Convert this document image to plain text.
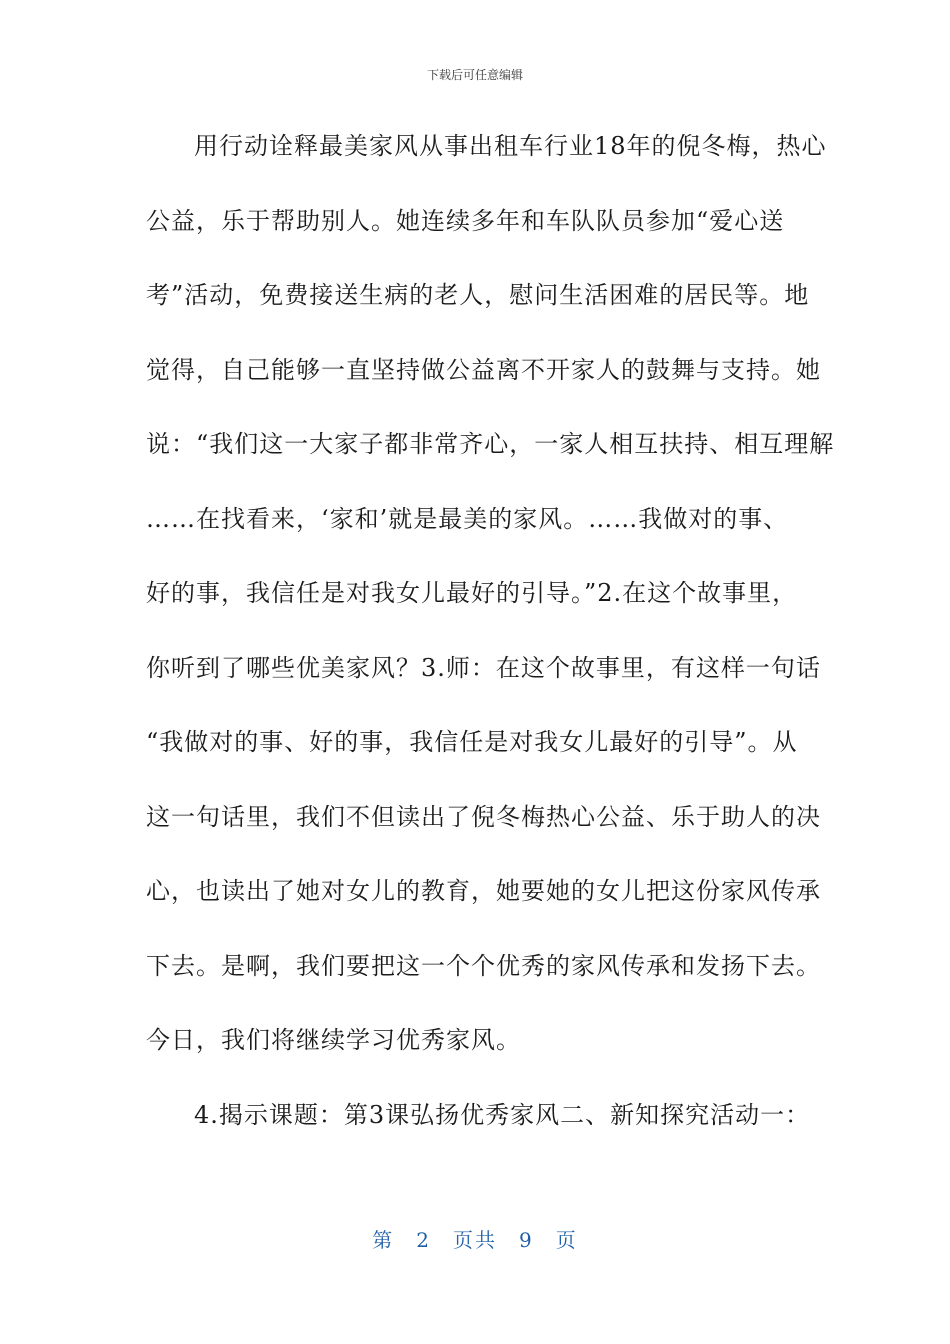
下载后可任意编辑
用行动诠释最美家风从事出租车行业18年的倪冬梅，热心
公益，乐于帮助别人。她连续多年和车队队员参加“爱心送
考”活动，免费接送生病的老人，慰问生活困难的居民等。地
觉得，自己能够一直坚持做公益离不开家人的鼓舞与支持。她
说：“我们这一大家子都非常齐心，一家人相互扶持、相互理解
……在找看来，‘家和’就是最美的家风。……我做对的事、
好的事，我信任是对我女儿最好的引导。”2.在这个故事里，
你听到了哪些优美家风？3.师：在这个故事里，有这样一句话
“我做对的事、好的事，我信任是对我女儿最好的引导”。从
这一句话里，我们不但读出了倪冬梅热心公益、乐于助人的决
心，也读出了她对女儿的教育，她要她的女儿把这份家风传承
下去。是啊，我们要把这一个个优秀的家风传承和发扬下去。
今日，我们将继续学习优秀家风。
4.揭示课题：第3课弘扬优秀家风二、新知探究活动一：
第 2 页共 9 页
